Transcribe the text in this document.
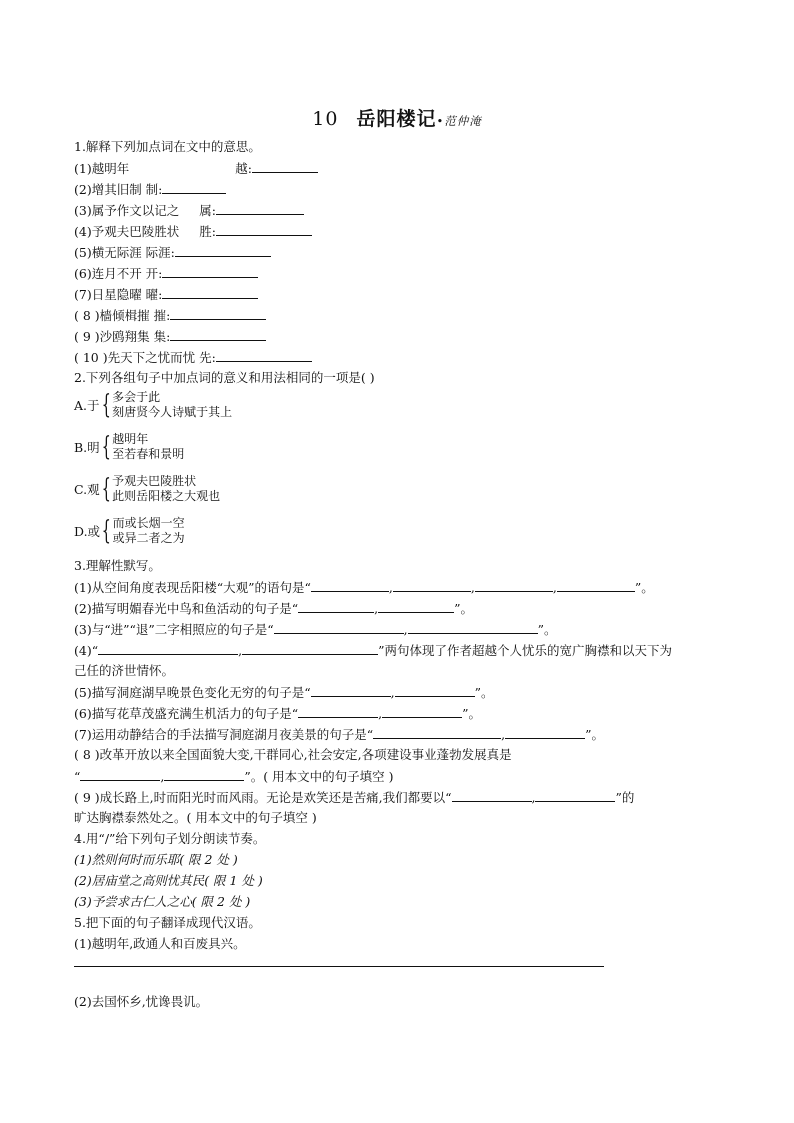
10 岳阳楼记•范仲淹
1.解释下列加点词在文中的意思。
(1)越明年	越:
(2)增其旧制 制:
(3)属予作文以记之 属:
(4)予观夫巴陵胜状 胜:
(5)横无际涯 际涯:
(6)连月不开 开:
(7)日星隐曜 曜:
( 8 )樯倾楫摧 摧:
( 9 )沙鸥翔集 集:
( 10 )先天下之忧而忧 先:
2.下列各组句子中加点词的意义和用法相同的一项是( )
A.于 { 多会于此
刻唐贤今人诗赋于其上
B.明 { 越明年
至若春和景明
C.观 { 予观夫巴陵胜状
此则岳阳楼之大观也
D.或 { 而或长烟一空
或异二者之为
3.理解性默写。
(1)从空间角度表现岳阳楼“大观”的语句是“	,	,	,	”。
(2)描写明媚春光中鸟和鱼活动的句子是“	,	”。
(3)与“进”“退”二字相照应的句子是“	,	”。
(4)“	,	”两句体现了作者超越个人忧乐的宽广胸襟和以天下为
己任的济世情怀。
(5)描写洞庭湖早晚景色变化无穷的句子是“	,	”。
(6)描写花草茂盛充满生机活力的句子是“	,	”。
(7)运用动静结合的手法描写洞庭湖月夜美景的句子是“	,	”。
( 8 )改革开放以来全国面貌大变,干群同心,社会安定,各项建设事业蓬勃发展真是
“	,	”。( 用本文中的句子填空 )
( 9 )成长路上,时而阳光时而风雨。无论是欢笑还是苦痛,我们都要以“	,	”的
旷达胸襟泰然处之。( 用本文中的句子填空 )
4.用“/”给下列句子划分朗读节奏。
(1)然则何时而乐耶( 限 2 处 )
(2)居庙堂之高则忧其民( 限 1 处 )
(3)予尝求古仁人之心( 限 2 处 )
5.把下面的句子翻译成现代汉语。
(1)越明年,政通人和百废具兴。
(2)去国怀乡,忧谗畏讥。
